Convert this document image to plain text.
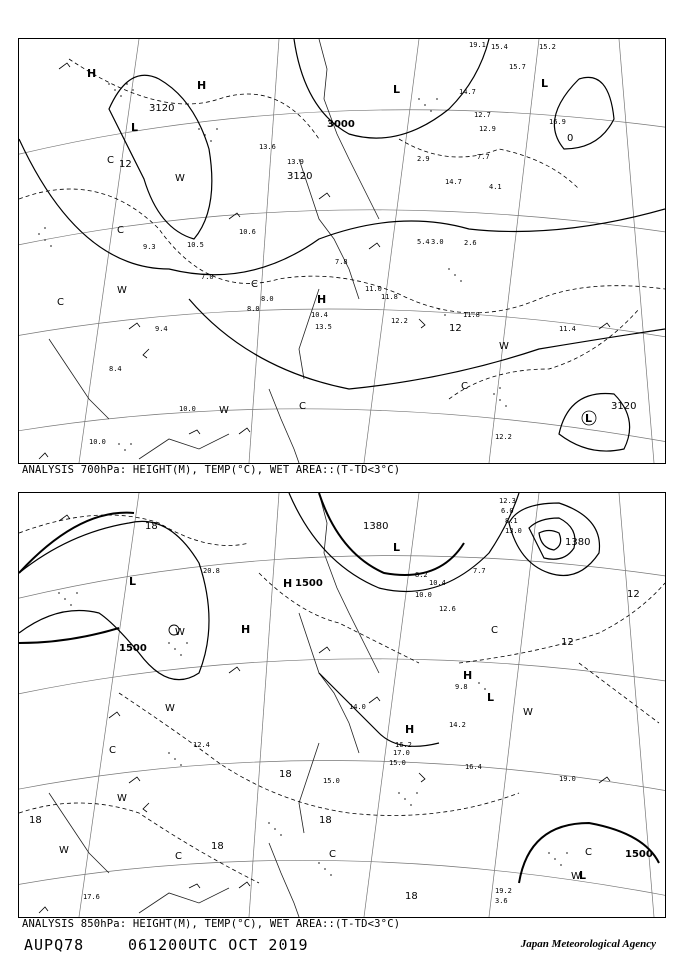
3120
3000
3120
3120
12
12
0
H
H
H
L
L	L
L
C
C
C
C
C
C
W
W
W
W
15.4
15.7
15.2
19.1
16.9
14.7
12.7
12.9
7.7
4.1
10.6
10.5
13.9
13.6
11.8
12.2
10.4
13.5
14.7
11.8
11.4
12.2
8.4
10.0
10.0
9.4
9.3
2.9
3.0
5.4	2.6
7.8
8.0
8.0
11.0
7.0
ANALYSIS 700hPa: HEIGHT(M), TEMP(°C), WET AREA::(T-TD<3°C)
1500
1500
1380
1380
1500
18
18
18
18
18
18
12
12
L
H
H
L
H
H
L
L
C
C	C	C
C
W
W
W	W
W
W
12.3
8.1
6.0
13.0
7.7
10.0
20.8
15.0
14.2
14.0
9.8
8.2
10.4
12.6
16.4
17.0
16.2
15.0
19.0
19.2
3.6
17.6
12.4
ANALYSIS 850hPa: HEIGHT(M), TEMP(°C), WET AREA::(T-TD<3°C)
AUPQ78	061200UTC OCT 2019	Japan Meteorological Agency
